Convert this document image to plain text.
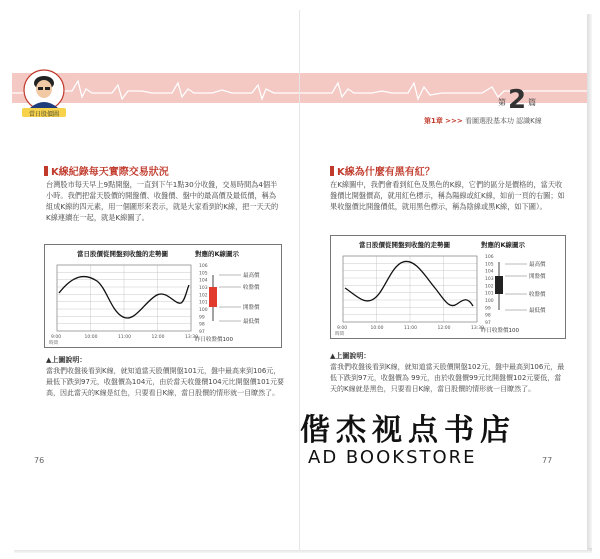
當日股價圖
第 2 篇
第1章 >>> 看圖選股基本功 認識K線
K線紀錄每天實際交易狀況
台灣股市每天早上9點開盤，一直到下午1點30分收盤，交易時間為4個半小時。我們把當天股價的開盤價、收盤價、盤中的最高價及最低價，稱為組成K線的四元素，用一個圖形來表示，就是大家看到的K線，把一天天的K線連續在一起，就是K線圖了。
當日股價從開盤到收盤的走勢圖	對應的K線圖示
106
105
104
103
102
101
100
99
98
97
9:00	10:00	11:00	12:00	13:30
時間
最高價
收盤價
開盤價
最低價
昨日收盤價100
▲上圖說明：
當我們收盤後看到K線，就知道當天股價開盤101元，盤中最高來到106元，最低下跌到97元，收盤價為104元，由於當天收盤價104元比開盤價101元要高，因此當天的K線是紅色，只要看日K線，當日股價的情形就一目瞭然了。
76
K線為什麼有黑有紅？
在K線圖中，我們會看到紅色及黑色的K線，它們的區分是價格的，當天收盤價比開盤價高，就用紅色標示，稱為陽線或紅K線，如前一頁的右圖；如果收盤價比開盤價低，就用黑色標示，稱為陰線或黑K線，如下圖）。
當日股價從開盤到收盤的走勢圖	對應的K線圖示
106
105
104
103
102
101
100
99
98
97
9:00	10:00	11:00	12:00	13:30
時間
最高價
開盤價
收盤價
最低價
昨日收盤價100
▲上圖說明：
當我們收盤後看到K線，就知道當天股價開盤102元，盤中最高到106元，最低下跌到97元，收盤價為 99元，由於收盤價99元比開盤價102元要低，當天的K線就是黑色，只要看日K線，當日股價的情形就一目瞭然了。
77
偕杰视点书店
AD BOOKSTORE
